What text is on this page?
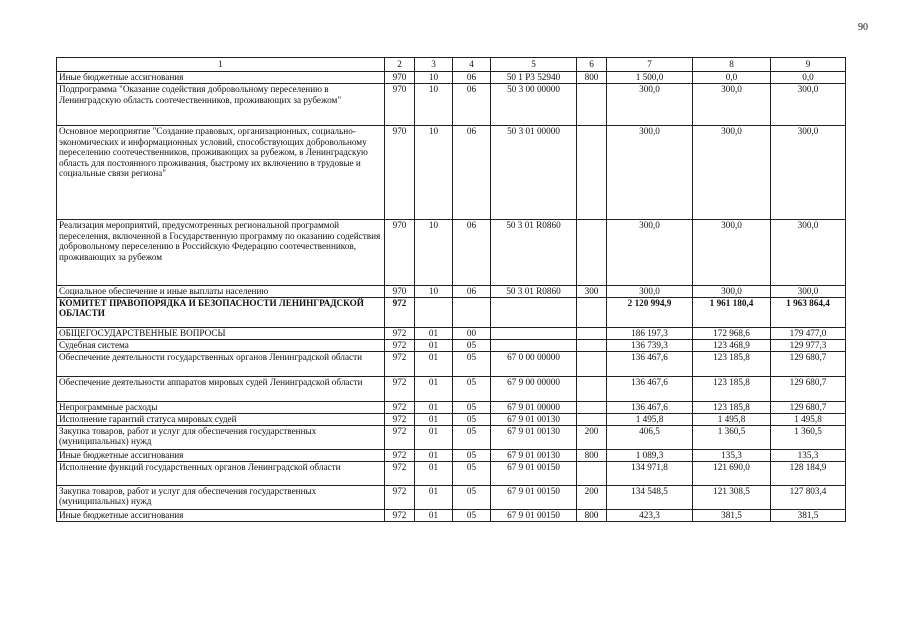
90
1	2	3	4	5	6	7	8	9
Иные бюджетные ассигнования	970	10	06	50 1 Р3 52940	800	1 500,0	0,0	0,0
Подпрограмма "Оказание содействия добровольному переселению в Ленинградскую область соотечественников, проживающих за рубежом"	970	10	06	50 3 00 00000		300,0	300,0	300,0
Основное мероприятие "Создание правовых, организационных, социально-экономических и информационных условий, способствующих добровольному переселению соотечественников, проживающих за рубежом, в Ленинградскую область для постоянного проживания, быстрому их включению в трудовые и социальные связи региона"	970	10	06	50 3 01 00000		300,0	300,0	300,0
Реализация мероприятий, предусмотренных региональной программой переселения, включенной в Государственную программу по оказанию содействия добровольному переселению в Российскую Федерацию соотечественников, проживающих за рубежом	970	10	06	50 3 01 R0860		300,0	300,0	300,0
Социальное обеспечение и иные выплаты населению	970	10	06	50 3 01 R0860	300	300,0	300,0	300,0
КОМИТЕТ ПРАВОПОРЯДКА И БЕЗОПАСНОСТИ ЛЕНИНГРАДСКОЙ ОБЛАСТИ	972					2 120 994,9	1 961 180,4	1 963 864,4
ОБЩЕГОСУДАРСТВЕННЫЕ ВОПРОСЫ	972	01	00			186 197,3	172 968,6	179 477,0
Судебная система	972	01	05			136 739,3	123 468,9	129 977,3
Обеспечение деятельности государственных органов Ленинградской области	972	01	05	67 0 00 00000		136 467,6	123 185,8	129 680,7
Обеспечение деятельности аппаратов мировых судей Ленинградской области	972	01	05	67 9 00 00000		136 467,6	123 185,8	129 680,7
Непрограммные расходы	972	01	05	67 9 01 00000		136 467,6	123 185,8	129 680,7
Исполнение гарантий статуса мировых судей	972	01	05	67 9 01 00130		1 495,8	1 495,8	1 495,8
Закупка товаров, работ и услуг для обеспечения государственных (муниципальных) нужд	972	01	05	67 9 01 00130	200	406,5	1 360,5	1 360,5
Иные бюджетные ассигнования	972	01	05	67 9 01 00130	800	1 089,3	135,3	135,3
Исполнение функций государственных органов Ленинградской области	972	01	05	67 9 01 00150		134 971,8	121 690,0	128 184,9
Закупка товаров, работ и услуг для обеспечения государственных (муниципальных) нужд	972	01	05	67 9 01 00150	200	134 548,5	121 308,5	127 803,4
Иные бюджетные ассигнования	972	01	05	67 9 01 00150	800	423,3	381,5	381,5
